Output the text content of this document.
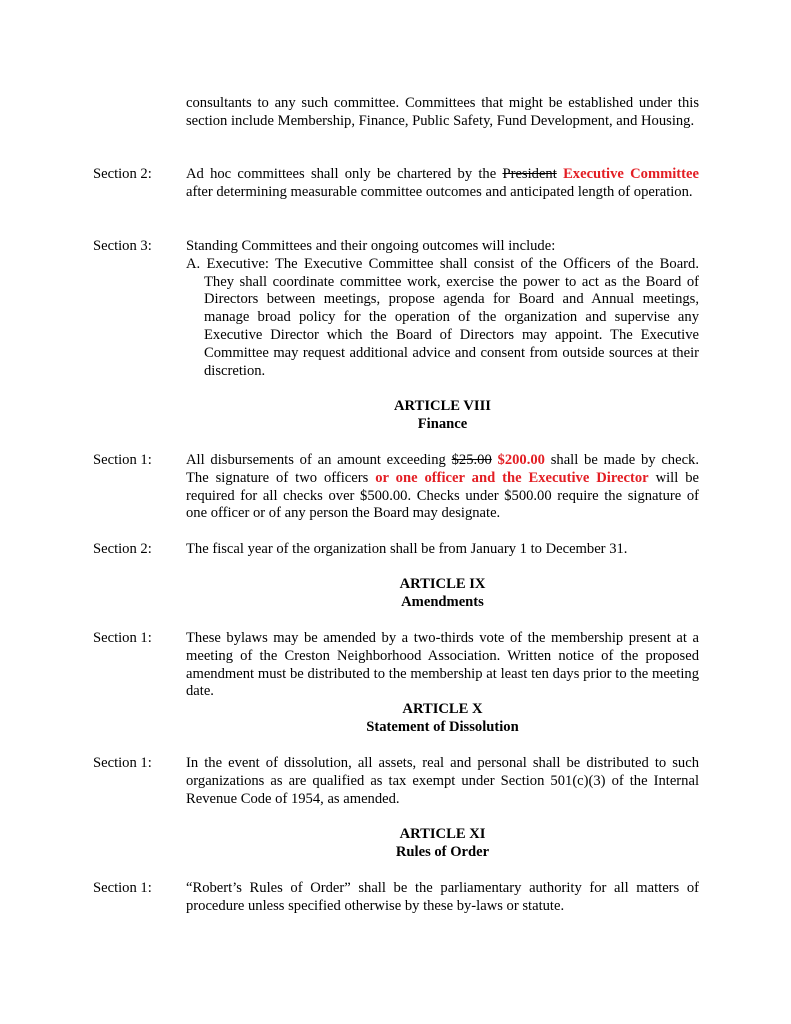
consultants to any such committee. Committees that might be established under this section include Membership, Finance, Public Safety, Fund Development, and Housing.
Section 2:	Ad hoc committees shall only be chartered by the President Executive Committee after determining measurable committee outcomes and anticipated length of operation.
Section 3:	Standing Committees and their ongoing outcomes will include:
A. Executive: The Executive Committee shall consist of the Officers of the Board. They shall coordinate committee work, exercise the power to act as the Board of Directors between meetings, propose agenda for Board and Annual meetings, manage broad policy for the operation of the organization and supervise any Executive Director which the Board of Directors may appoint. The Executive Committee may request additional advice and consent from outside sources at their discretion.
ARTICLE VIII
Finance
Section 1:	All disbursements of an amount exceeding $25.00 $200.00 shall be made by check. The signature of two officers or one officer and the Executive Director will be required for all checks over $500.00. Checks under $500.00 require the signature of one officer or of any person the Board may designate.
Section 2:	The fiscal year of the organization shall be from January 1 to December 31.
ARTICLE IX
Amendments
Section 1:	These bylaws may be amended by a two-thirds vote of the membership present at a meeting of the Creston Neighborhood Association. Written notice of the proposed amendment must be distributed to the membership at least ten days prior to the meeting date.
ARTICLE X
Statement of Dissolution
Section 1:	In the event of dissolution, all assets, real and personal shall be distributed to such organizations as are qualified as tax exempt under Section 501(c)(3) of the Internal Revenue Code of 1954, as amended.
ARTICLE XI
Rules of Order
Section 1:	“Robert’s Rules of Order” shall be the parliamentary authority for all matters of procedure unless specified otherwise by these by-laws or statute.
